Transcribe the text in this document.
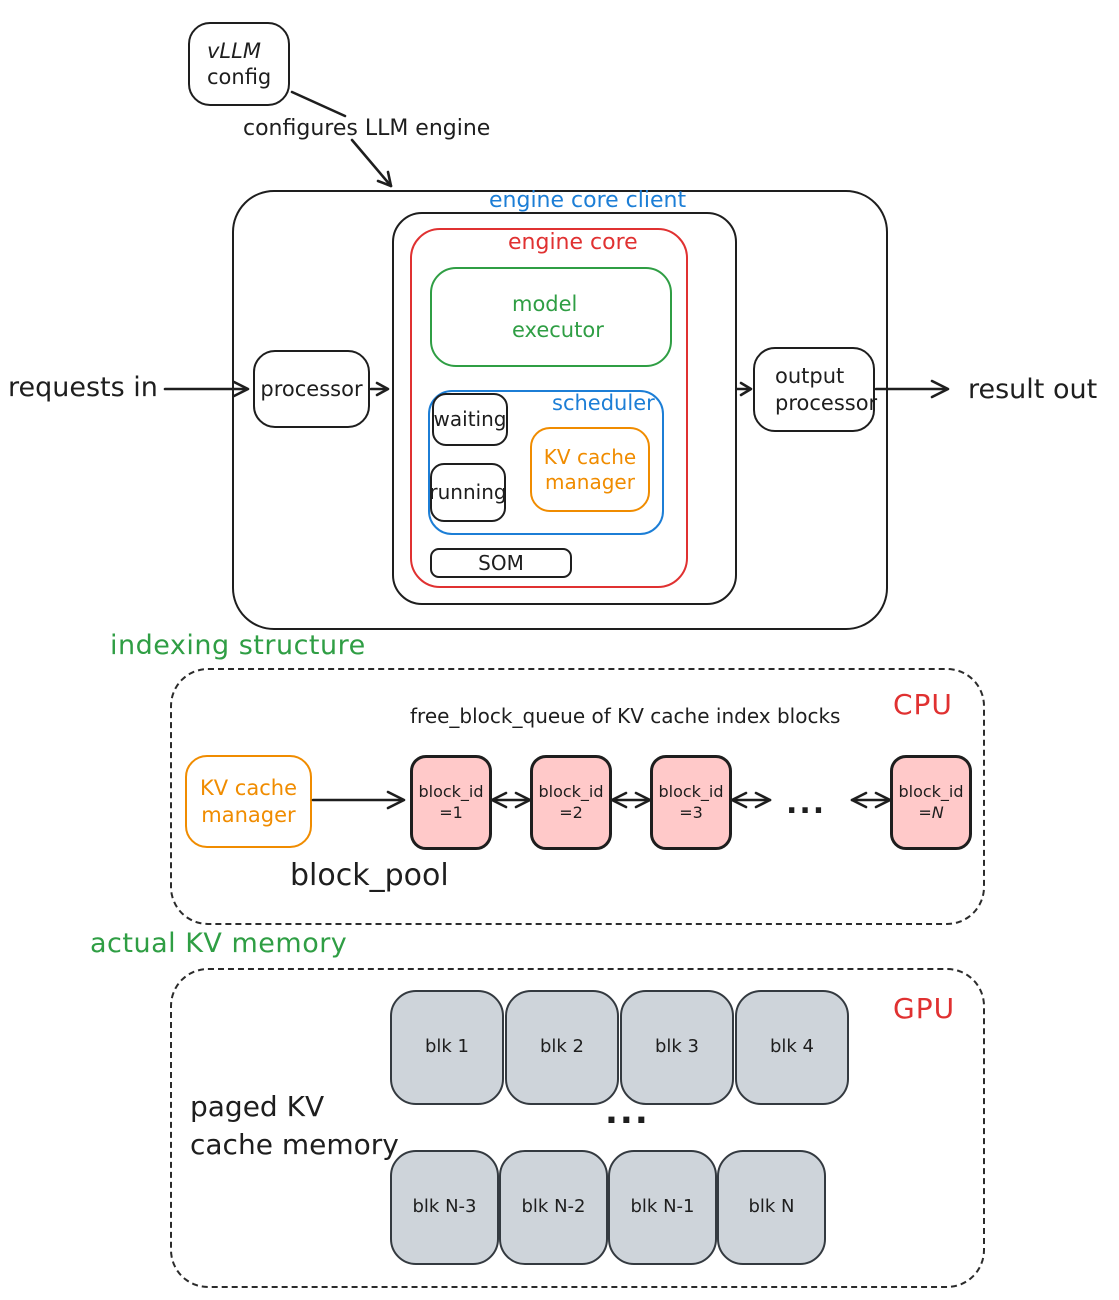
vLLM
config
configures LLM engine
engine core client
engine core
model
executor
scheduler
waiting
running
KV cache
manager
SOM
processor
output
processor
requests in	result out
indexing structure
CPU
free_block_queue of KV cache index blocks
KV cache
manager
block_pool
block_id
=1
block_id
=2
block_id
=3
block_id
=N
...
actual KV memory
GPU
paged KV
cache memory
blk 1	blk 2	blk 3	blk 4
...
blk N-3	blk N-2	blk N-1	blk N
